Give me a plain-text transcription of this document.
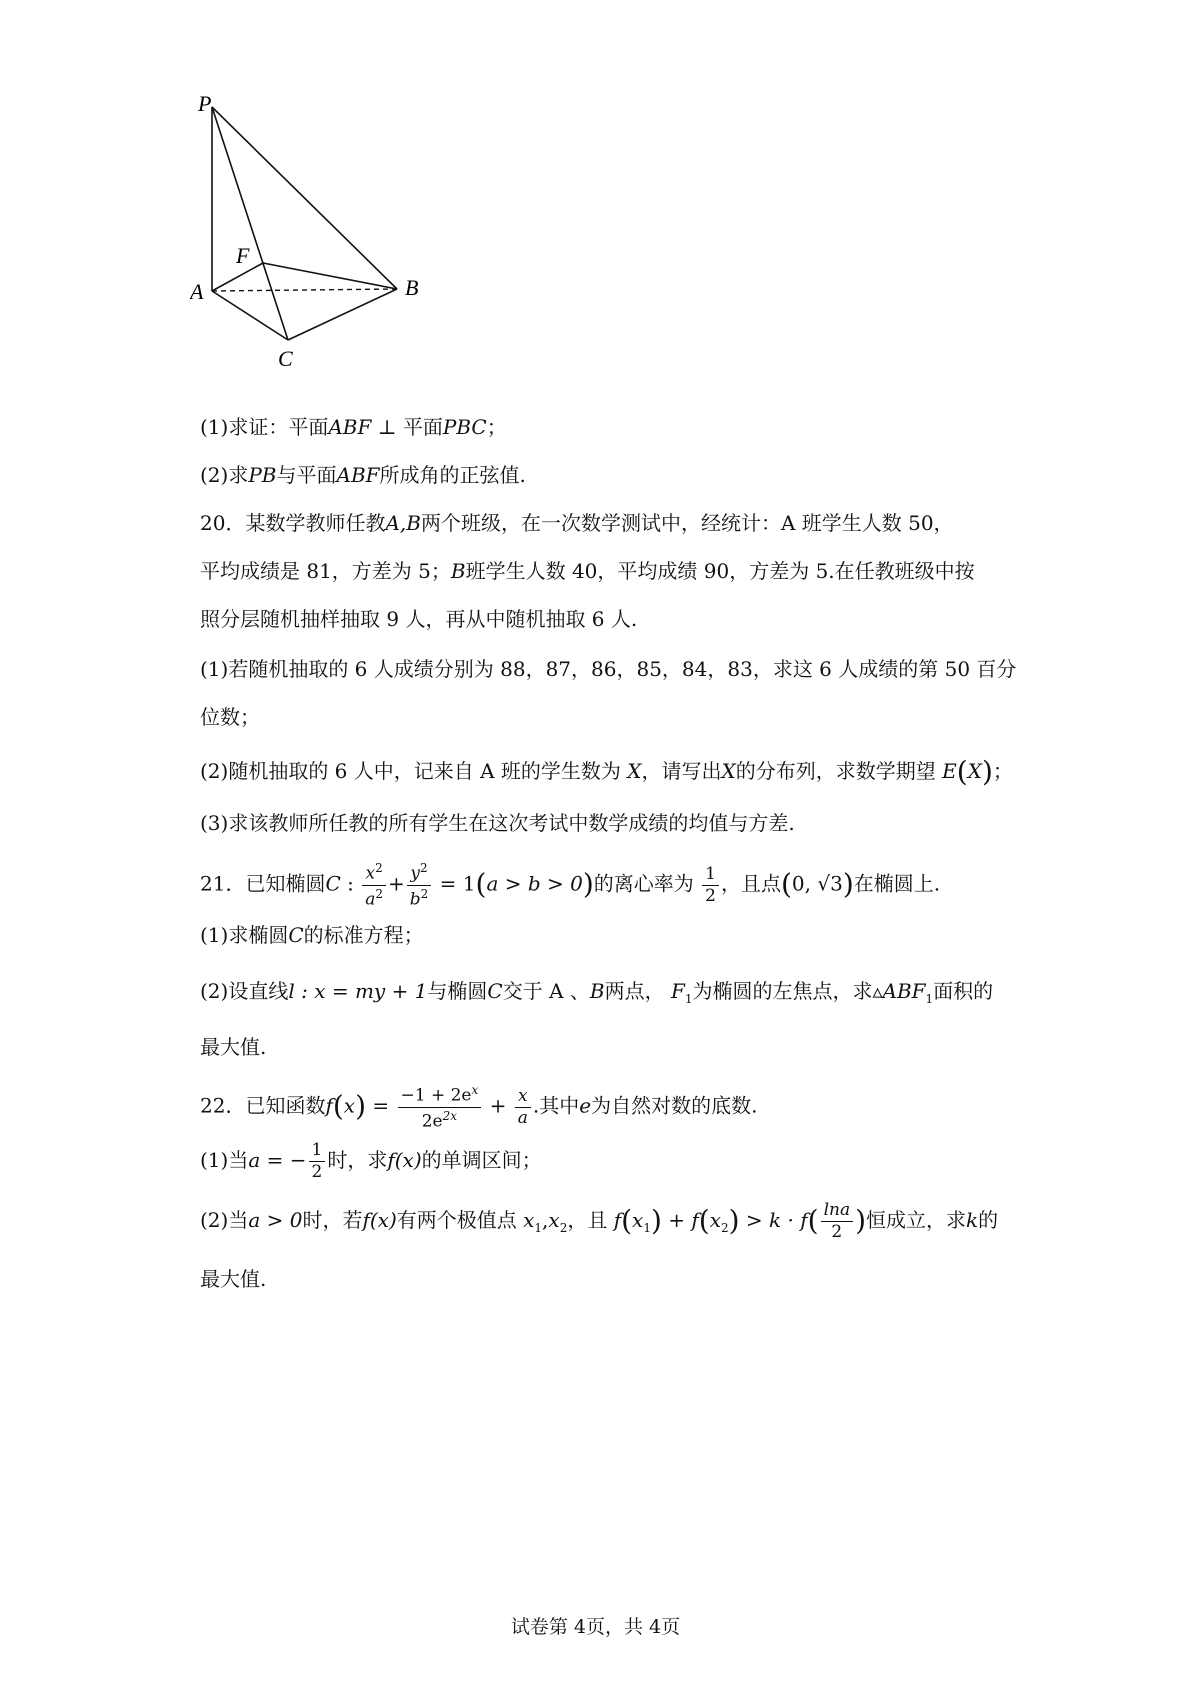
P
A	B
C
F
(1)求证：平面ABF ⊥ 平面PBC；
(2)求PB与平面ABF所成角的正弦值.
20．某数学教师任教A,B两个班级，在一次数学测试中，经统计：A 班学生人数 50，
平均成绩是 81，方差为 5；B班学生人数 40，平均成绩 90，方差为 5.在任教班级中按
照分层随机抽样抽取 9 人，再从中随机抽取 6 人.
(1)若随机抽取的 6 人成绩分别为 88，87，86，85，84，83，求这 6 人成绩的第 50 百分
位数；
(2)随机抽取的 6 人中，记来自 A 班的学生数为 X，请写出X的分布列，求数学期望 E(X)；
(3)求该教师所任教的所有学生在这次考试中数学成绩的均值与方差.
21．已知椭圆C : $\frac{x^2}{a^2} + \frac{y^2}{b^2} = 1(a > b > 0)$的离心率为 $\frac{1}{2}$ ，且点(0, √3)在椭圆上.
(1)求椭圆C的标准方程；
(2)设直线l : x = my + 1与椭圆C交于 A 、B两点， $F_1$为椭圆的左焦点，求$▵ABF_1$面积的
最大值.
22．已知函数$f(x) = \frac{-1 + 2e^x}{2e^{2x}} + \frac{x}{a}$ .其中e为自然对数的底数.
(1)当a = − $\frac{1}{2}$ 时，求f(x)的单调区间；
(2)当a > 0时，若f(x)有两个极值点 $x_1,x_2$，且 $f(x_1) + f(x_2) > k \cdot f( \frac{\ln a}{2}$ )恒成立，求k的
最大值.
试卷第 4页，共 4页
